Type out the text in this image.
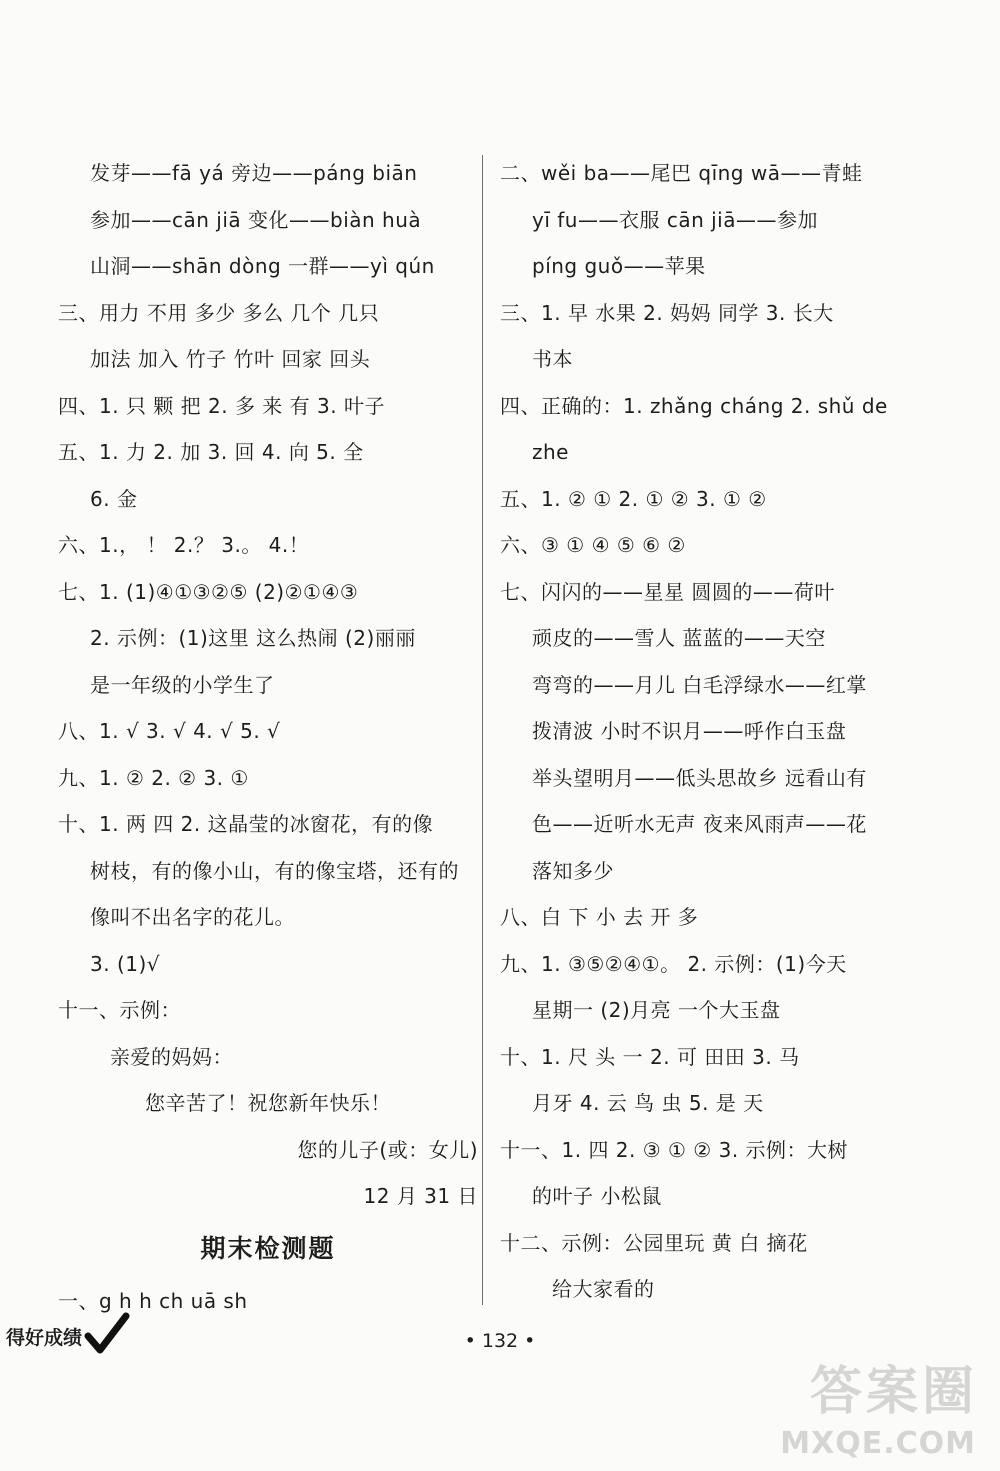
发芽——fā yá 旁边——páng biān
参加——cān jiā 变化——biàn huà
山洞——shān dòng 一群——yì qún
三、用力 不用 多少 多么 几个 几只
加法 加入 竹子 竹叶 回家 回头
四、1. 只 颗 把 2. 多 来 有 3. 叶子
五、1. 力 2. 加 3. 回 4. 向 5. 全
6. 金
六、1.， ！ 2.？ 3.。 4.！
七、1. (1)④①③②⑤ (2)②①④③
2. 示例：(1)这里 这么热闹 (2)丽丽
是一年级的小学生了
八、1. √ 3. √ 4. √ 5. √
九、1. ② 2. ② 3. ①
十、1. 两 四 2. 这晶莹的冰窗花，有的像
树枝，有的像小山，有的像宝塔，还有的
像叫不出名字的花儿。
3. (1)√
十一、示例：
亲爱的妈妈：
您辛苦了！祝您新年快乐！
您的儿子(或：女儿)
12 月 31 日
期末检测题
一、g h h ch uā sh
二、wěi ba——尾巴 qīng wā——青蛙
yī fu——衣服 cān jiā——参加
píng guǒ——苹果
三、1. 早 水果 2. 妈妈 同学 3. 长大
书本
四、正确的：1. zhǎng cháng 2. shǔ de
zhe
五、1. ② ① 2. ① ② 3. ① ②
六、③ ① ④ ⑤ ⑥ ②
七、闪闪的——星星 圆圆的——荷叶
顽皮的——雪人 蓝蓝的——天空
弯弯的——月儿 白毛浮绿水——红掌
拨清波 小时不识月——呼作白玉盘
举头望明月——低头思故乡 远看山有
色——近听水无声 夜来风雨声——花
落知多少
八、白 下 小 去 开 多
九、1. ③⑤②④①。 2. 示例：(1)今天
星期一 (2)月亮 一个大玉盘
十、1. 尺 头 一 2. 可 田田 3. 马
月牙 4. 云 鸟 虫 5. 是 天
十一、1. 四 2. ③ ① ② 3. 示例：大树
的叶子 小松鼠
十二、示例：公园里玩 黄 白 摘花
给大家看的
得好成绩	• 132 •
答案圈
MXQE.COM
